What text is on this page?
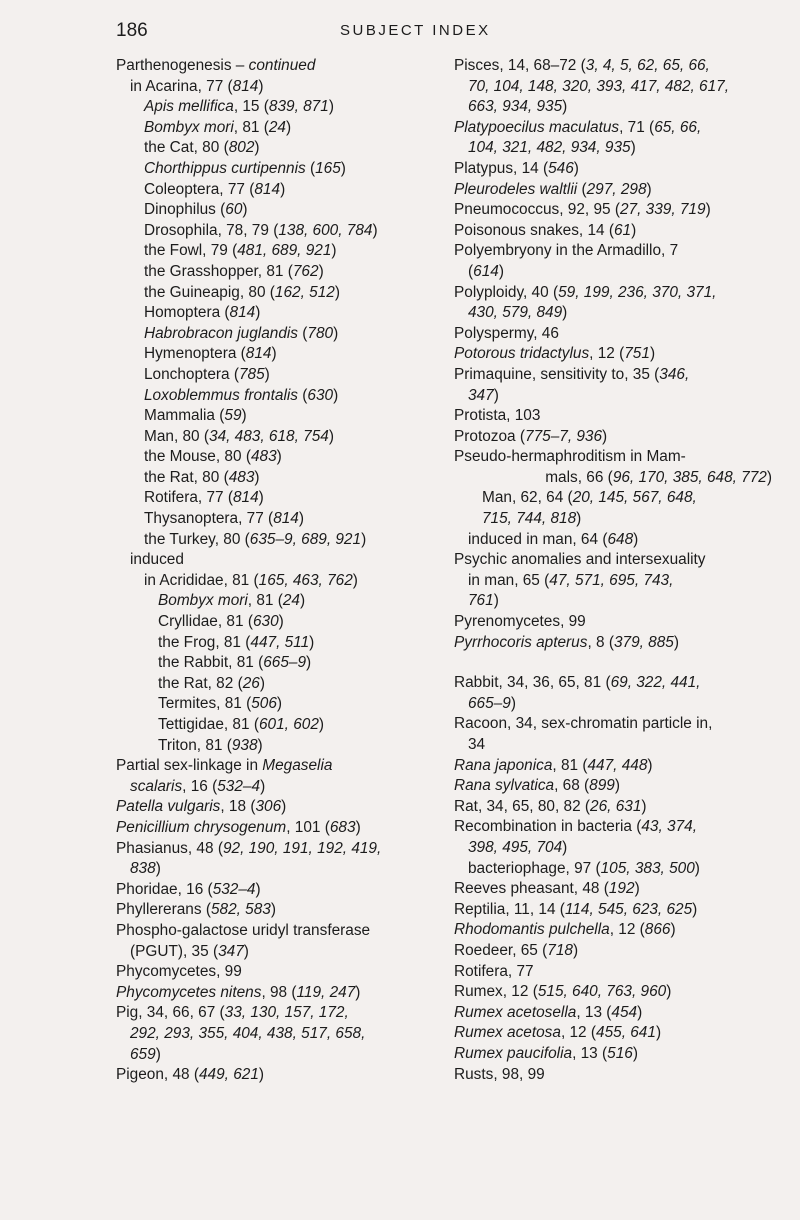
186	SUBJECT INDEX
Parthenogenesis – continued
in Acarina, 77 (814)
Apis mellifica, 15 (839, 871)
Bombyx mori, 81 (24)
the Cat, 80 (802)
Chorthippus curtipennis (165)
Coleoptera, 77 (814)
Dinophilus (60)
Drosophila, 78, 79 (138, 600, 784)
the Fowl, 79 (481, 689, 921)
the Grasshopper, 81 (762)
the Guineapig, 80 (162, 512)
Homoptera (814)
Habrobracon juglandis (780)
Hymenoptera (814)
Lonchoptera (785)
Loxoblemmus frontalis (630)
Mammalia (59)
Man, 80 (34, 483, 618, 754)
the Mouse, 80 (483)
the Rat, 80 (483)
Rotifera, 77 (814)
Thysanoptera, 77 (814)
the Turkey, 80 (635–9, 689, 921)
induced
in Acrididae, 81 (165, 463, 762)
Bombyx mori, 81 (24)
Cryllidae, 81 (630)
the Frog, 81 (447, 511)
the Rabbit, 81 (665–9)
the Rat, 82 (26)
Termites, 81 (506)
Tettigidae, 81 (601, 602)
Triton, 81 (938)
Partial sex-linkage in Megaselia
scalaris, 16 (532–4)
Patella vulgaris, 18 (306)
Penicillium chrysogenum, 101 (683)
Phasianus, 48 (92, 190, 191, 192, 419,
838)
Phoridae, 16 (532–4)
Phyllererans (582, 583)
Phospho-galactose uridyl transferase
(PGUT), 35 (347)
Phycomycetes, 99
Phycomycetes nitens, 98 (119, 247)
Pig, 34, 66, 67 (33, 130, 157, 172,
292, 293, 355, 404, 438, 517, 658,
659)
Pigeon, 48 (449, 621)
Pisces, 14, 68–72 (3, 4, 5, 62, 65, 66,
70, 104, 148, 320, 393, 417, 482, 617,
663, 934, 935)
Platypoecilus maculatus, 71 (65, 66,
104, 321, 482, 934, 935)
Platypus, 14 (546)
Pleurodeles waltlii (297, 298)
Pneumococcus, 92, 95 (27, 339, 719)
Poisonous snakes, 14 (61)
Polyembryony in the Armadillo, 7
(614)
Polyploidy, 40 (59, 199, 236, 370, 371,
430, 579, 849)
Polyspermy, 46
Potorous tridactylus, 12 (751)
Primaquine, sensitivity to, 35 (346,
347)
Protista, 103
Protozoa (775–7, 936)
Pseudo-hermaphroditism in Mam-
mals, 66 (96, 170, 385, 648, 772)
Man, 62, 64 (20, 145, 567, 648,
715, 744, 818)
induced in man, 64 (648)
Psychic anomalies and intersexuality
in man, 65 (47, 571, 695, 743,
761)
Pyrenomycetes, 99
Pyrrhocoris apterus, 8 (379, 885)
Rabbit, 34, 36, 65, 81 (69, 322, 441,
665–9)
Racoon, 34, sex-chromatin particle in,
34
Rana japonica, 81 (447, 448)
Rana sylvatica, 68 (899)
Rat, 34, 65, 80, 82 (26, 631)
Recombination in bacteria (43, 374,
398, 495, 704)
bacteriophage, 97 (105, 383, 500)
Reeves pheasant, 48 (192)
Reptilia, 11, 14 (114, 545, 623, 625)
Rhodomantis pulchella, 12 (866)
Roedeer, 65 (718)
Rotifera, 77
Rumex, 12 (515, 640, 763, 960)
Rumex acetosella, 13 (454)
Rumex acetosa, 12 (455, 641)
Rumex paucifolia, 13 (516)
Rusts, 98, 99
